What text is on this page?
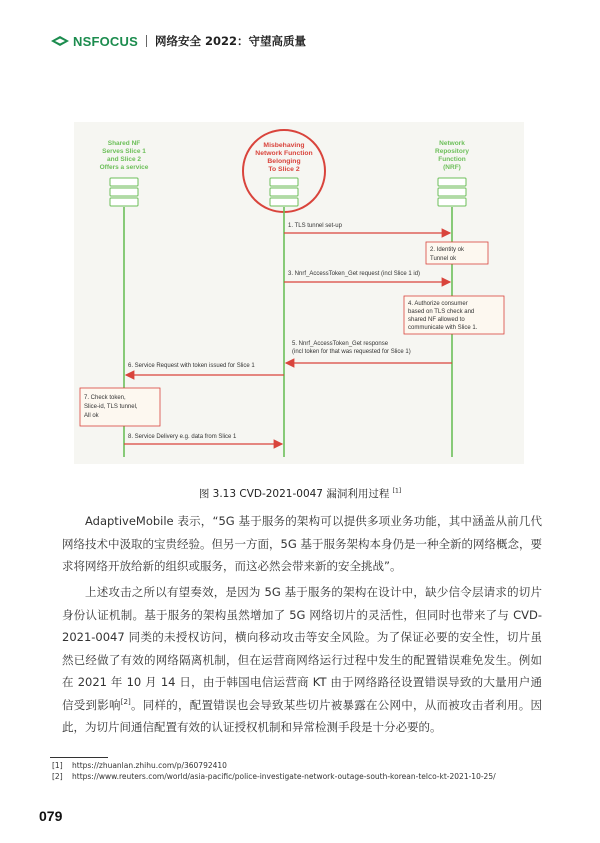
NSFOCUS 网络安全 2022：守望高质量
Shared NF
Serves Slice 1
and Slice 2
Offers a service
Misbehaving
Network Function
Belonging
To Slice 2
Network
Repository
Function
(NRF)
1. TLS tunnel set-up
2. Identity ok
Tunnel ok
3. Nnrf_AccessToken_Get request (incl Slice 1 id)
4. Authorize consumer
based on TLS check and
shared NF allowed to
communicate with Slice 1.
5. Nnrf_AccessToken_Get response
(incl token for that was requested for Slice 1)
6. Service Request with token issued for Slice 1
7. Check token,
Slice-id, TLS tunnel,
All ok
8. Service Delivery e.g. data from Slice 1
图 3.13 CVD-2021-0047 漏洞利用过程 [1]

AdaptiveMobile 表示，“5G 基于服务的架构可以提供多项业务功能，其中涵盖从前几代网络技术中汲取的宝贵经验。但另一方面，5G 基于服务架构本身仍是一种全新的网络概念，要求将网络开放给新的组织或服务，而这必然会带来新的安全挑战”。

上述攻击之所以有望奏效，是因为 5G 基于服务的架构在设计中，缺少信令层请求的切片身份认证机制。基于服务的架构虽然增加了 5G 网络切片的灵活性，但同时也带来了与 CVD-2021-0047 同类的未授权访问，横向移动攻击等安全风险。为了保证必要的安全性，切片虽然已经做了有效的网络隔离机制，但在运营商网络运行过程中发生的配置错误难免发生。例如在 2021 年 10 月 14 日，由于韩国电信运营商 KT 由于网络路径设置错误导致的大量用户通信受到影响[2]。同样的，配置错误也会导致某些切片被暴露在公网中，从而被攻击者利用。因此，为切片间通信配置有效的认证授权机制和异常检测手段是十分必要的。

[1] https://zhuanlan.zhihu.com/p/360792410
[2] https://www.reuters.com/world/asia-pacific/police-investigate-network-outage-south-korean-telco-kt-2021-10-25/
079
